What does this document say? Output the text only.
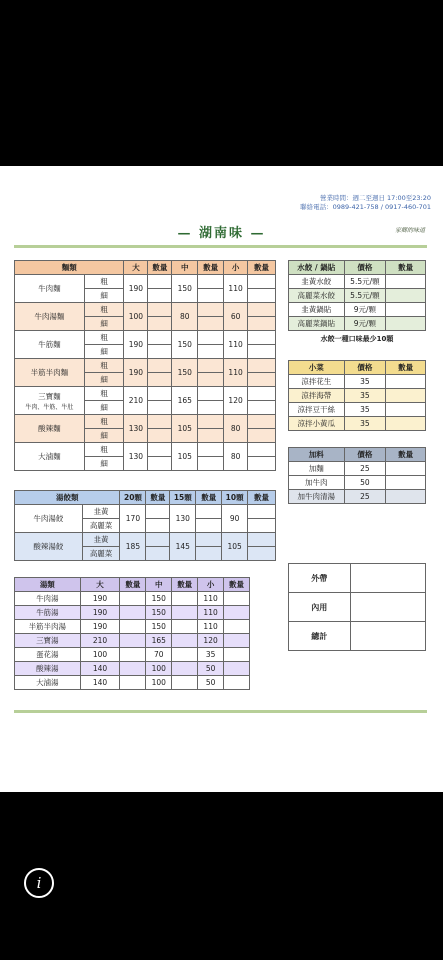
營業時間：週二至週日 17:00至23:20
聯絡電話：0989-421-758 / 0917-460-701
— 湖南味 —	家鄉的味道
麵類		大	數量	中	數量	小	數量
牛肉麵	粗	190		150		110	
	細						
牛肉湯麵	粗	100		80		60	
	細						
牛筋麵	粗	190		150		110	
	細						
半筋半肉麵	粗	190		150		110	
	細						

三寶麵
牛肉、牛筋、牛肚	粗	210		165		120	
	細						
酸辣麵	粗	130		105		80	
	細						
大滷麵	粗	130		105		80	
	細						
水餃 / 鍋貼	價格	數量
韭黃水餃	5.5元/顆	
高麗菜水餃	5.5元/顆	
韭黃鍋貼	9元/顆	
高麗菜鍋貼	9元/顆	
水餃一種口味最少10顆
小菜	價格	數量
涼拌花生	35	
涼拌海帶	35	
涼拌豆干絲	35	
涼拌小黃瓜	35	
加料	價格	數量
加麵	25	
加牛肉	50	
加牛肉清湯	25	
湯餃類		20顆	數量	15顆	數量	10顆	數量
牛肉湯餃	韭黃	170		130		90	
	高麗菜						
酸辣湯餃	韭黃	185		145		105	
	高麗菜						
湯類	大	數量	中	數量	小	數量
牛肉湯	190		150		110	
牛筋湯	190		150		110	
半筋半肉湯	190		150		110	
三寶湯	210		165		120	
蛋花湯	100		70		35	
酸辣湯	140		100		50	
大滷湯	140		100		50	
外帶	
內用	
總計	
i
